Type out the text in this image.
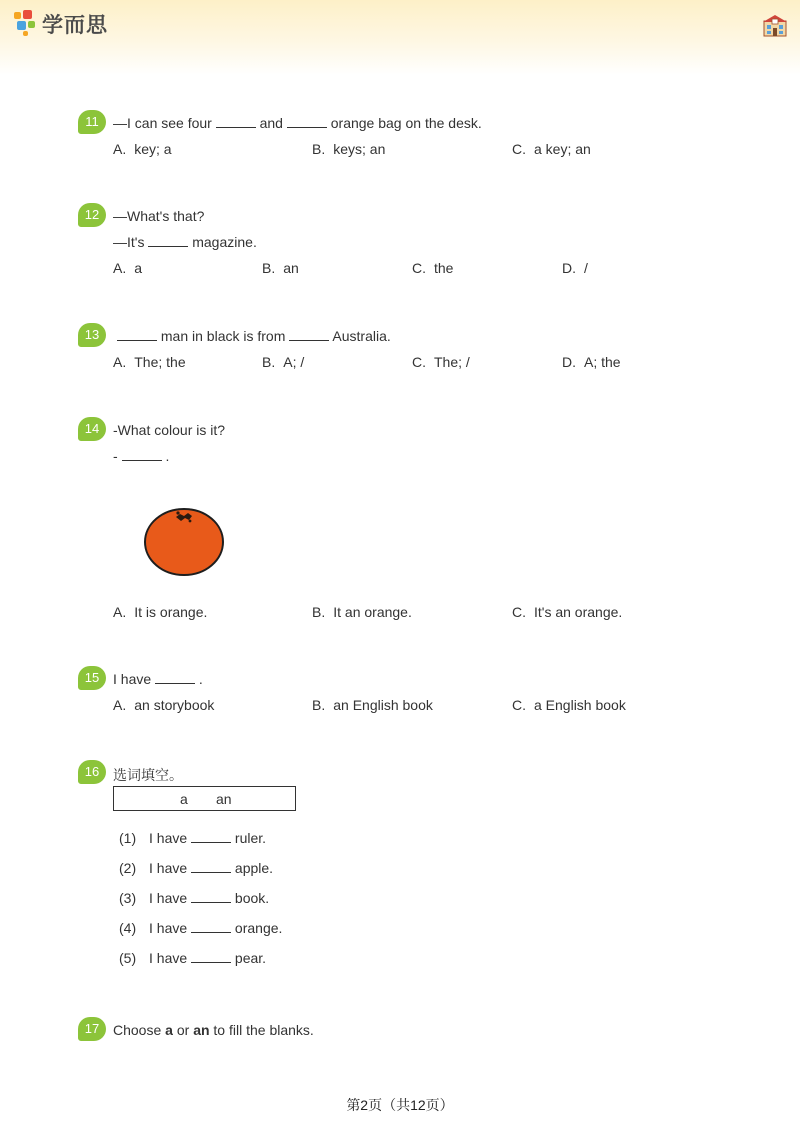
学而思
11	—I can see four	and	orange bag on the desk.
A. key; a	B. keys; an	C. a key; an
12 —What's that?
—It's	magazine.
A. a	B. an	C. the	D. /
13	man in black is from	Australia.
A. The; the	B. A; /	C. The; /	D. A; the
14 -What colour is it?
-	.
A. It is orange.	B. It an orange.	C. It's an orange.
15 I have	.
A. an storybook	B. an English book	C. a English book
16 选词填空。
a an
(1) I have	ruler.
(2) I have	apple.
(3) I have	book.
(4) I have	orange.
(5) I have	pear.
17 Choose a or an to fill the blanks.
第2页（共12页）
